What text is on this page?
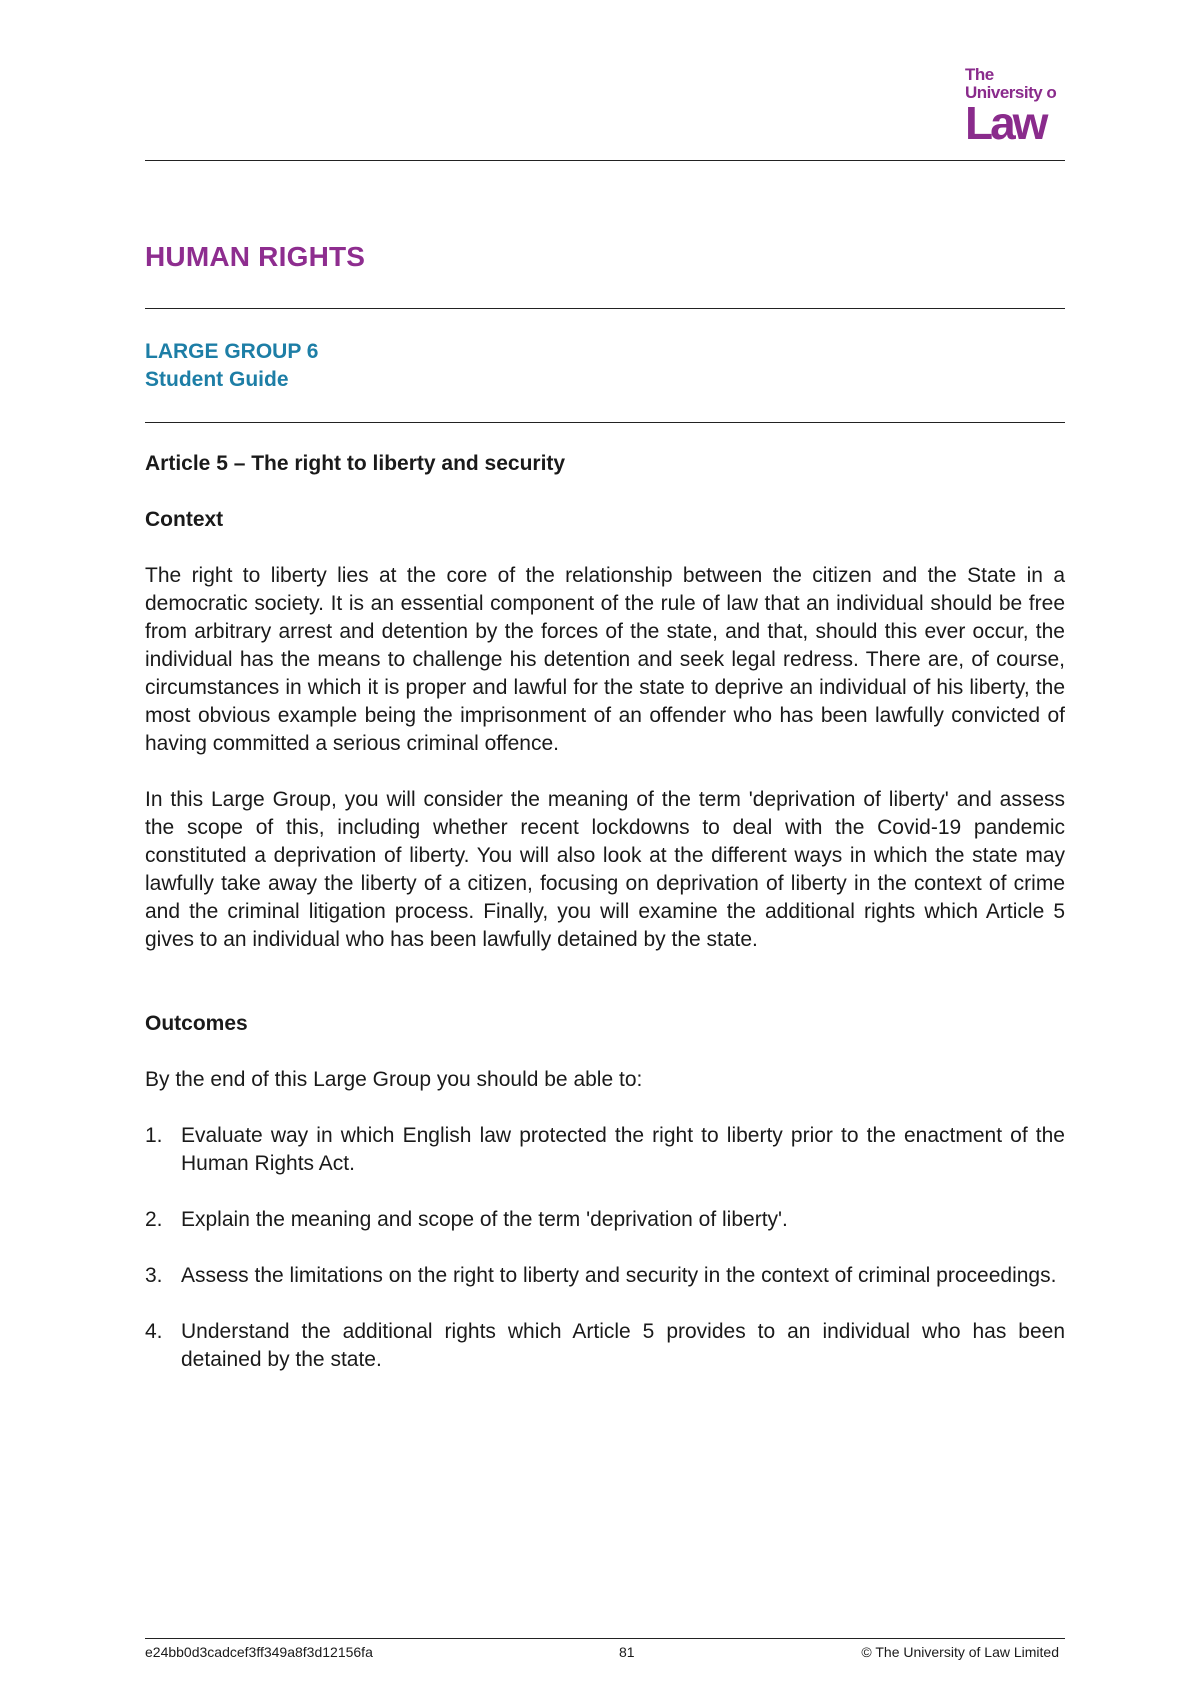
The
University o
Law
HUMAN RIGHTS
LARGE GROUP 6
Student Guide
Article 5 – The right to liberty and security
Context

The right to liberty lies at the core of the relationship between the citizen and the State in a democratic society. It is an essential component of the rule of law that an individual should be free from arbitrary arrest and detention by the forces of the state, and that, should this ever occur, the individual has the means to challenge his detention and seek legal redress. There are, of course, circumstances in which it is proper and lawful for the state to deprive an individual of his liberty, the most obvious example being the imprisonment of an offender who has been lawfully convicted of having committed a serious criminal offence.

In this Large Group, you will consider the meaning of the term 'deprivation of liberty' and assess the scope of this, including whether recent lockdowns to deal with the Covid-19 pandemic constituted a deprivation of liberty. You will also look at the different ways in which the state may lawfully take away the liberty of a citizen, focusing on deprivation of liberty in the context of crime and the criminal litigation process. Finally, you will examine the additional rights which Article 5 gives to an individual who has been lawfully detained by the state.

Outcomes

By the end of this Large Group you should be able to:

1. Evaluate way in which English law protected the right to liberty prior to the enactment of the Human Rights Act.
2. Explain the meaning and scope of the term 'deprivation of liberty'.
3. Assess the limitations on the right to liberty and security in the context of criminal proceedings.
4. Understand the additional rights which Article 5 provides to an individual who has been detained by the state.
e24bb0d3cadcef3ff349a8f3d12156fa	81	© The University of Law Limited
